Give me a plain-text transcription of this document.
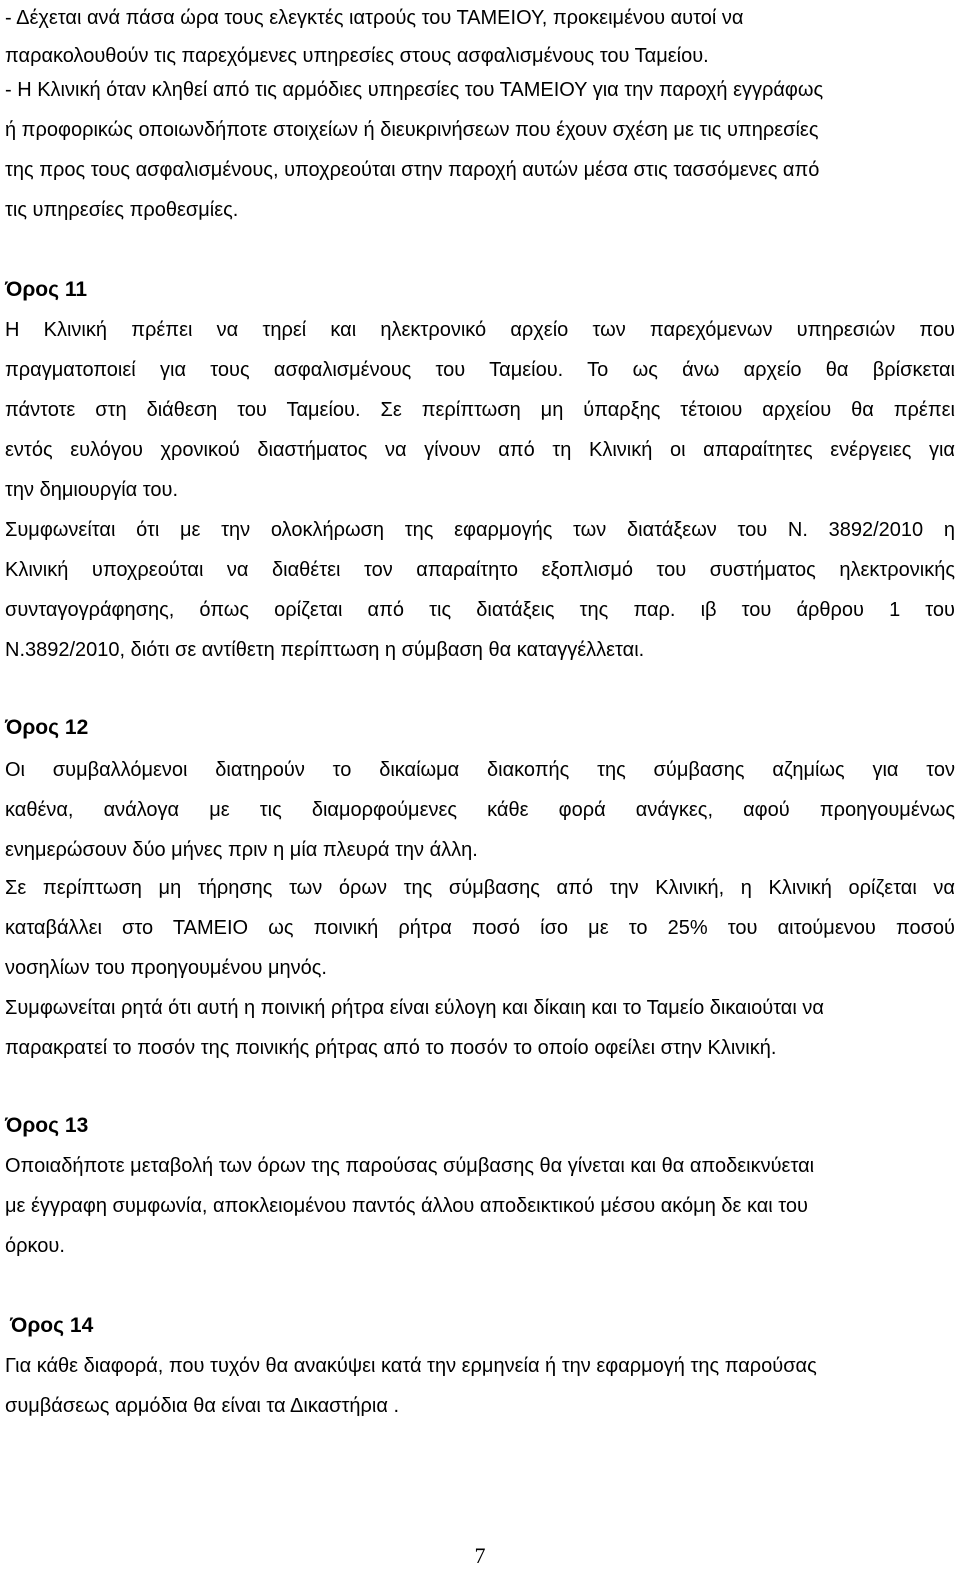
- Δέχεται ανά πάσα ώρα τους ελεγκτές ιατρούς του ΤΑΜΕΙΟΥ, προκειμένου αυτοί να
παρακολουθούν τις παρεχόμενες υπηρεσίες στους ασφαλισμένους του Ταμείου.
- Η Κλινική όταν κληθεί από τις αρμόδιες υπηρεσίες του ΤΑΜΕΙΟΥ για την παροχή εγγράφως
ή προφορικώς οποιωνδήποτε στοιχείων ή διευκρινήσεων που έχουν σχέση με τις υπηρεσίες
της προς τους ασφαλισμένους, υποχρεούται στην παροχή αυτών μέσα στις τασσόμενες από
τις υπηρεσίες προθεσμίες.
Όρος 11
Η Κλινική πρέπει να τηρεί και ηλεκτρονικό αρχείο των παρεχόμενων υπηρεσιών που
πραγματοποιεί για τους ασφαλισμένους του Ταμείου. Το ως άνω αρχείο θα βρίσκεται
πάντοτε στη διάθεση του Ταμείου. Σε περίπτωση μη ύπαρξης τέτοιου αρχείου θα πρέπει
εντός ευλόγου χρονικού διαστήματος να γίνουν από τη Κλινική οι απαραίτητες ενέργειες για
την δημιουργία του.
Συμφωνείται ότι με την ολοκλήρωση της εφαρμογής των διατάξεων του Ν. 3892/2010 η
Κλινική υποχρεούται να διαθέτει τον απαραίτητο εξοπλισμό του συστήματος ηλεκτρονικής
συνταγογράφησης, όπως ορίζεται από τις διατάξεις της παρ. ιβ του άρθρου 1 του
Ν.3892/2010, διότι σε αντίθετη περίπτωση η σύμβαση θα καταγγέλλεται.
Όρος 12
Οι συμβαλλόμενοι διατηρούν το δικαίωμα διακοπής της σύμβασης αζημίως για τον
καθένα, ανάλογα με τις διαμορφούμενες κάθε φορά ανάγκες, αφού προηγουμένως
ενημερώσουν δύο μήνες πριν η μία πλευρά την άλλη.
Σε περίπτωση μη τήρησης των όρων της σύμβασης από την Κλινική, η Κλινική ορίζεται να
καταβάλλει στο ΤΑΜΕΙΟ ως ποινική ρήτρα ποσό ίσο με το 25% του αιτούμενου ποσού
νοσηλίων του προηγουμένου μηνός.
Συμφωνείται ρητά ότι αυτή η ποινική ρήτρα είναι εύλογη και δίκαιη και το Ταμείο δικαιούται να
παρακρατεί το ποσόν της ποινικής ρήτρας από το ποσόν το οποίο οφείλει στην Κλινική.
Όρος 13
Οποιαδήποτε μεταβολή των όρων της παρούσας σύμβασης θα γίνεται και θα αποδεικνύεται
με έγγραφη συμφωνία, αποκλειομένου παντός άλλου αποδεικτικού μέσου ακόμη δε και του
όρκου.
Όρος 14
Για κάθε διαφορά, που τυχόν θα ανακύψει κατά την ερμηνεία ή την εφαρμογή της παρούσας
συμβάσεως αρμόδια θα είναι τα Δικαστήρια .
7
